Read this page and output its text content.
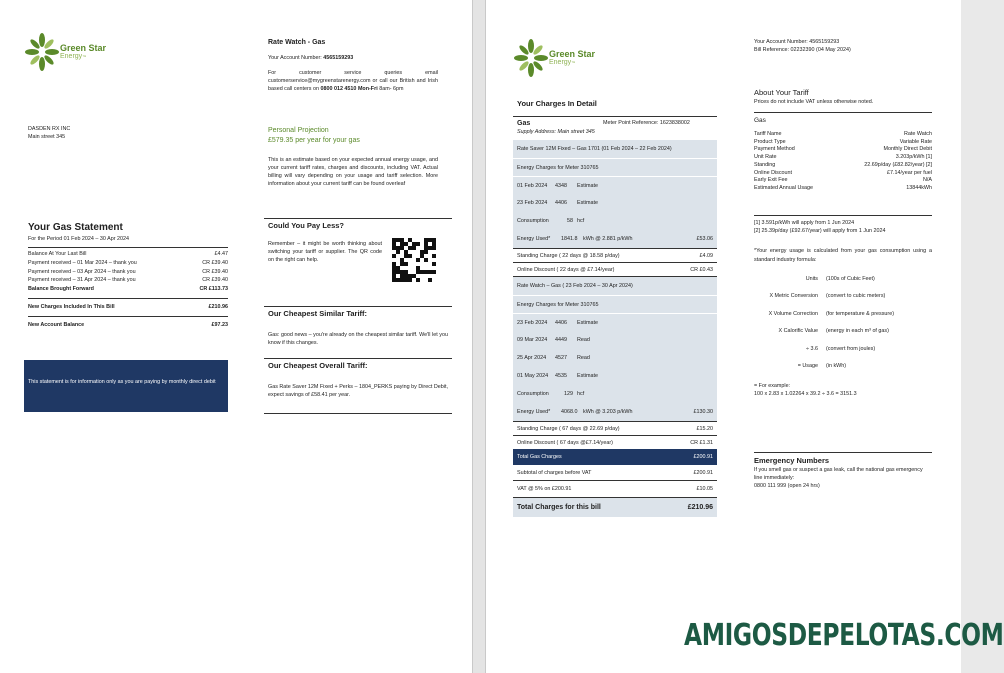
Green Star
Energy™
DASDEN RX INC
Main street 345
Your Gas Statement
For the Period 01 Feb 2024 – 30 Apr 2024
Balance At Your Last Bill	£4.47
Payment received – 01 Mar 2024 – thank you	CR £39.40
Payment received – 03 Apr 2024 – thank you	CR £39.40
Payment received – 31 Apr 2024 – thank you	CR £39.40
Balance Brought Forward	CR £113.73
New Charges Included In This Bill	£210.96
New Account Balance	£97.23
This statement is for information only as you are paying by monthly direct debit
Rate Watch - Gas
Your Account Number: 4565159293
For customer service queries email customerservice@mygreenstarenergy.com or call our British and Irish based call centers on 0800 012 4510 Mon-Fri 8am- 6pm
Personal Projection
£579.35 per year for your gas
This is an estimate based on your expected annual energy usage, and your current tariff rates, charges and discounts, including VAT. Actual billing will vary depending on your usage and tariff selection. More information about your current tariff can be found overleaf
Could You Pay Less?
Remember – it might be worth thinking about switching your tariff or supplier. The QR code on the right can help.
Our Cheapest Similar Tariff:
Gas: good news – you're already on the cheapest similar tariff. We'll let you know if this changes.
Our Cheapest Overall Tariff:
Gas Rate Saver 12M Fixed + Perks – 1804_PERKS paying by Direct Debit, expect savings of £58.41 per year.
Green Star
Energy™
Your Charges In Detail
Gas	Meter Point Reference: 1623838002
Supply Address: Main street 345
Rate Saver 12M Fixed – Gas 1701 (01 Feb 2024 – 22 Feb 2024)
Energy Charges for Meter 310765
01 Feb 2024	4348	Estimate
23 Feb 2024	4406	Estimate
Consumption	58 hcf
Energy Used*	1841.8	kWh @ 2.881 p/kWh	£53.06
Standing Charge ( 22 days @ 18.58 p/day)	£4.09
Online Discount ( 22 days @ £7.14/year)	CR £0.43
Rate Watch – Gas ( 23 Feb 2024 – 30 Apr 2024)
Energy Charges for Meter 310765
23 Feb 2024	4406	Estimate
09 Mar 2024	4449	Read
25 Apr 2024	4527	Read
01 May 2024	4535	Estimate
Consumption	129 hcf
Energy Used*	4068.0	kWh @ 3.203 p/kWh	£130.30
Standing Charge ( 67 days @ 22.69 p/day)	£15.20
Online Discount ( 67 days @£7.14/year)	CR £1.31
Total Gas Charges	£200.91
Subtotal of charges before VAT	£200.91
VAT @ 5% on £200.91	£10.05
Total Charges for this bill	£210.96
Your Account Number: 4565159293
Bill Reference: 02232390 (04 May 2024)
About Your Tariff
Prices do not include VAT unless otherwise noted.
Gas
Tariff Name	Rate Watch
Product Type	Variable Rate
Payment Method	Monthly Direct Debit
Unit Rate	3.203p/kWh [1]
Standing	22.69p/day (£82.82/year) [2]
Online Discount	£7.14/year per fuel
Early Exit Fee	N/A
Estimated Annual Usage	13844kWh
[1] 3.591p/kWh will apply from 1 Jun 2024
[2] 25.39p/day (£92.67/year) will apply from 1 Jun 2024
*Your energy usage is calculated from your gas consumption using a standard industry formula:
Units	(100s of Cubic Feet)
X Metric Conversion	(convert to cubic meters)
X Volume Correction	(for temperature & pressure)
X Calorific Value	(energy in each m³ of gas)
÷ 3.6	(convert from joules)
= Usage	(in kWh)
= For example:
100 x 2.83 x 1.02264 x 39.2 ÷ 3.6 = 3151.3
Emergency Numbers
If you smell gas or suspect a gas leak, call the national gas emergency line immediately:
0800 111 999 (open 24 hrs)
AMIGOSDEPELOTAS.COM
